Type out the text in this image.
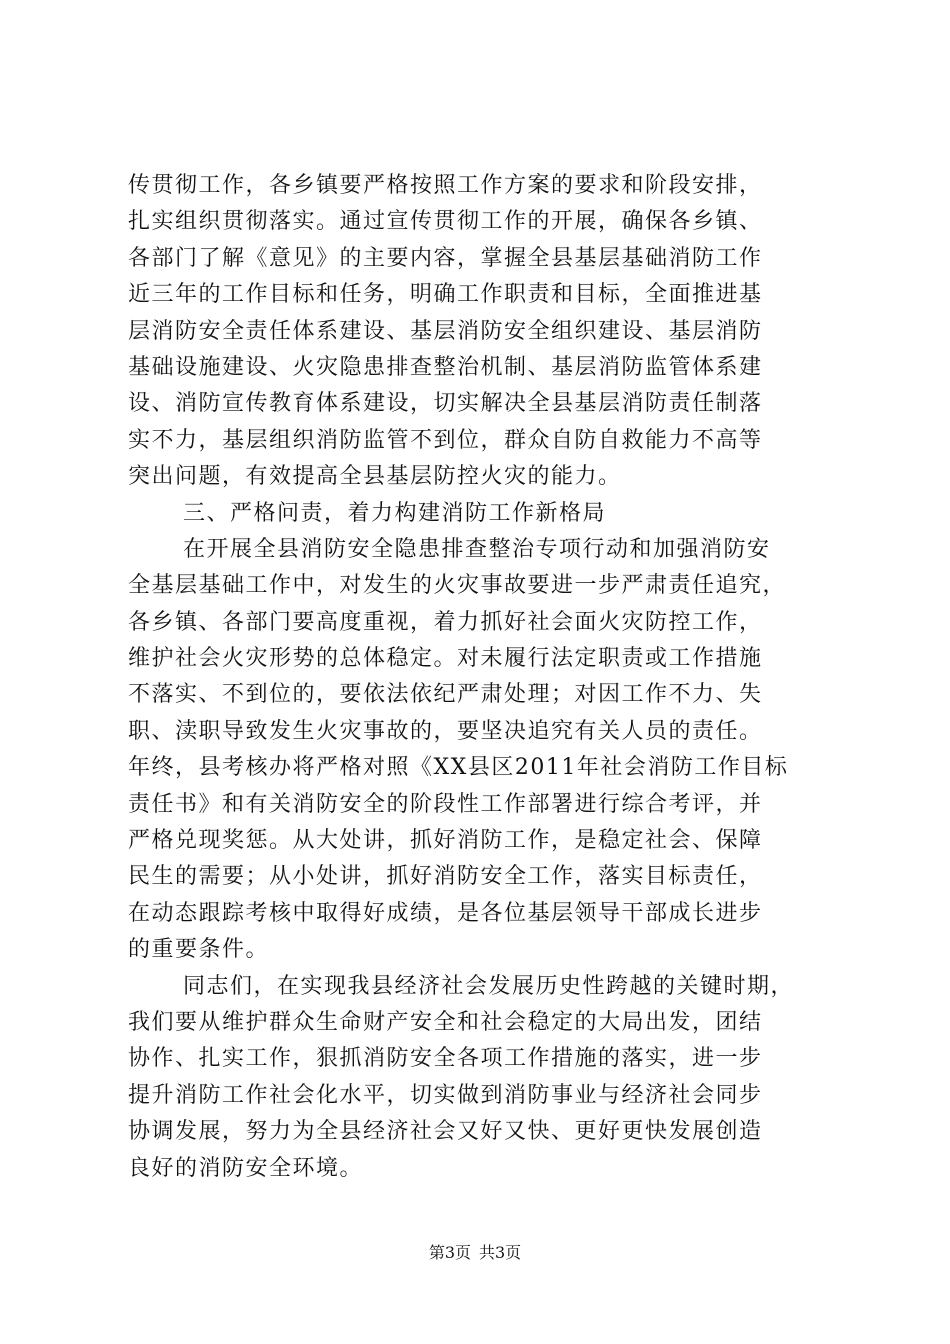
传贯彻工作，各乡镇要严格按照工作方案的要求和阶段安排，
扎实组织贯彻落实。通过宣传贯彻工作的开展，确保各乡镇、
各部门了解《意见》的主要内容，掌握全县基层基础消防工作
近三年的工作目标和任务，明确工作职责和目标，全面推进基
层消防安全责任体系建设、基层消防安全组织建设、基层消防
基础设施建设、火灾隐患排查整治机制、基层消防监管体系建
设、消防宣传教育体系建设，切实解决全县基层消防责任制落
实不力，基层组织消防监管不到位，群众自防自救能力不高等
突出问题，有效提高全县基层防控火灾的能力。
三、严格问责，着力构建消防工作新格局
在开展全县消防安全隐患排查整治专项行动和加强消防安
全基层基础工作中，对发生的火灾事故要进一步严肃责任追究，
各乡镇、各部门要高度重视，着力抓好社会面火灾防控工作，
维护社会火灾形势的总体稳定。对未履行法定职责或工作措施
不落实、不到位的，要依法依纪严肃处理；对因工作不力、失
职、渎职导致发生火灾事故的，要坚决追究有关人员的责任。
年终，县考核办将严格对照《XX县区2011年社会消防工作目标
责任书》和有关消防安全的阶段性工作部署进行综合考评，并
严格兑现奖惩。从大处讲，抓好消防工作，是稳定社会、保障
民生的需要；从小处讲，抓好消防安全工作，落实目标责任，
在动态跟踪考核中取得好成绩，是各位基层领导干部成长进步
的重要条件。
同志们，在实现我县经济社会发展历史性跨越的关键时期，
我们要从维护群众生命财产安全和社会稳定的大局出发，团结
协作、扎实工作，狠抓消防安全各项工作措施的落实，进一步
提升消防工作社会化水平，切实做到消防事业与经济社会同步
协调发展，努力为全县经济社会又好又快、更好更快发展创造
良好的消防安全环境。
第3页 共3页
